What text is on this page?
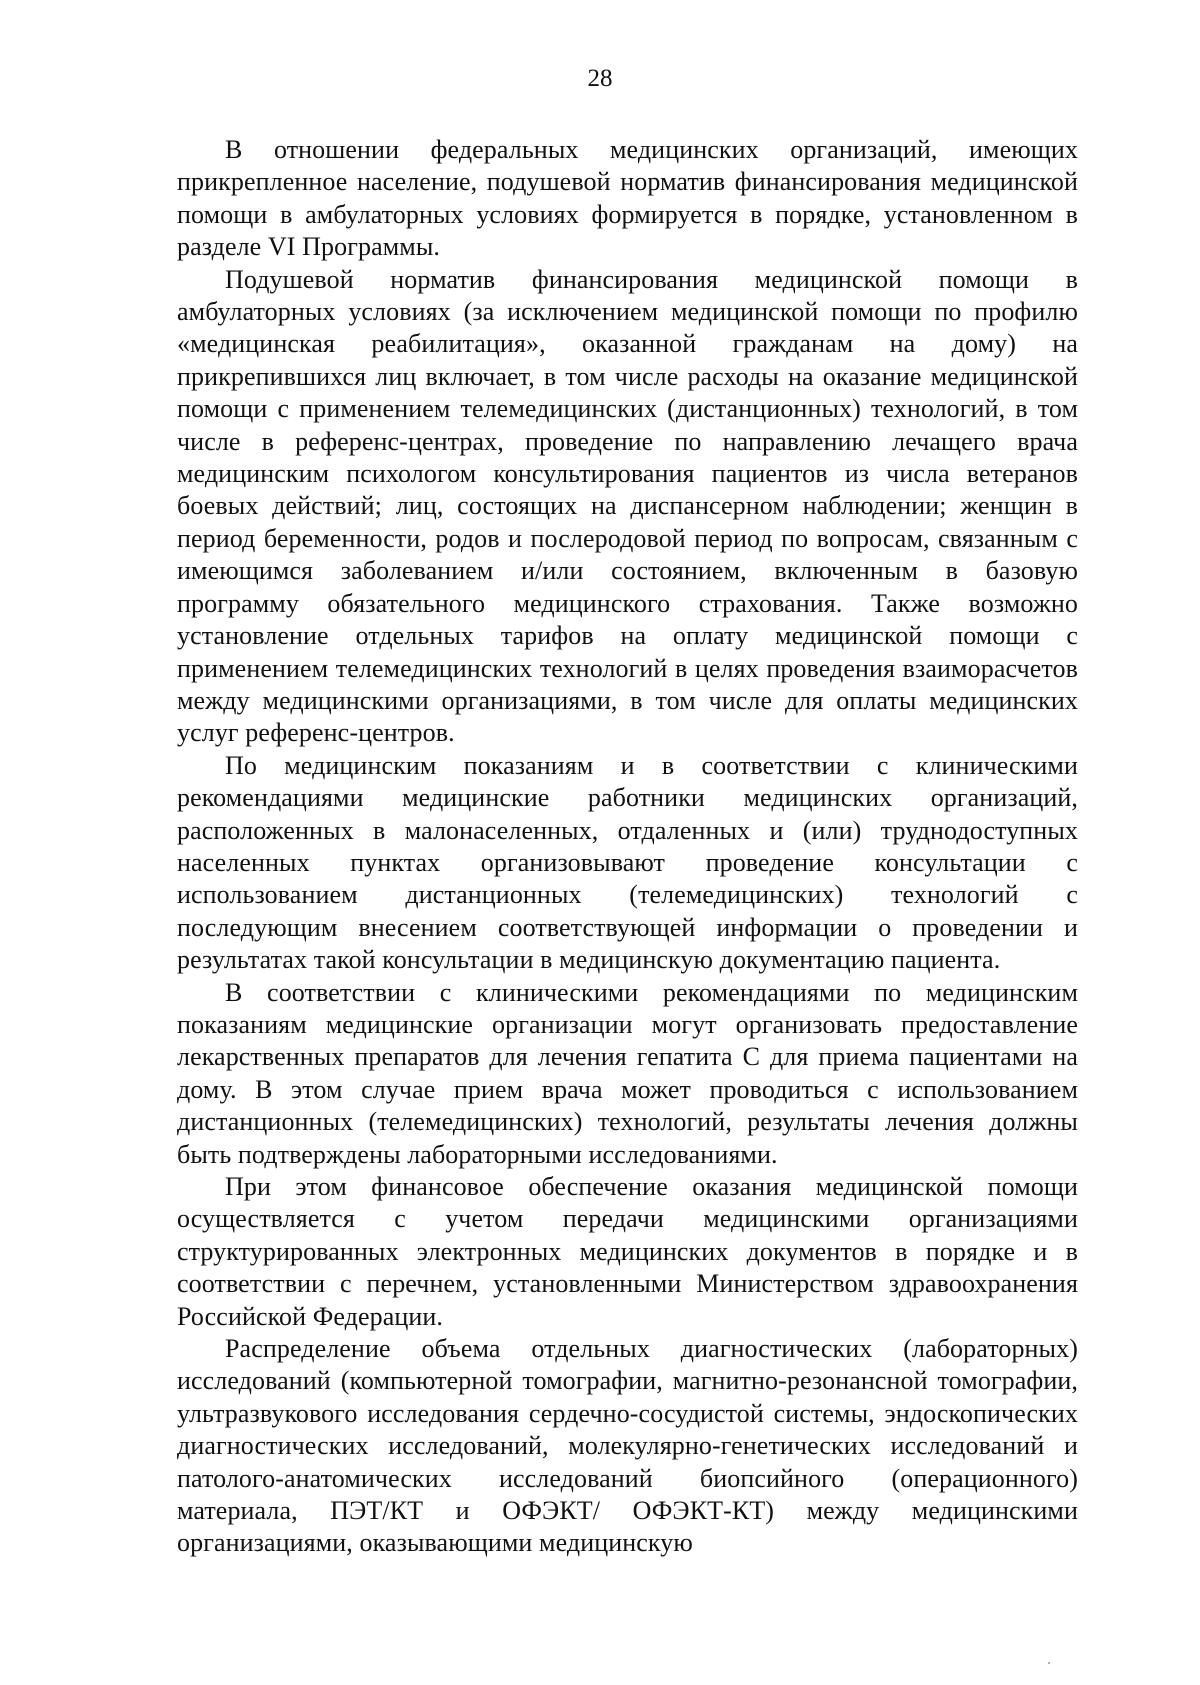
28

В отношении федеральных медицинских организаций, имеющих прикрепленное население, подушевой норматив финансирования медицинской помощи в амбулаторных условиях формируется в порядке, установленном в разделе VI Программы.

Подушевой норматив финансирования медицинской помощи в амбулаторных условиях (за исключением медицинской помощи по профилю «медицинская реабилитация», оказанной гражданам на дому) на прикрепившихся лиц включает, в том числе расходы на оказание медицинской помощи с применением телемедицинских (дистанционных) технологий, в том числе в референс-центрах, проведение по направлению лечащего врача медицинским психологом консультирования пациентов из числа ветеранов боевых действий; лиц, состоящих на диспансерном наблюдении; женщин в период беременности, родов и послеродовой период по вопросам, связанным с имеющимся заболеванием и/или состоянием, включенным в базовую программу обязательного медицинского страхования. Также возможно установление отдельных тарифов на оплату медицинской помощи с применением телемедицинских технологий в целях проведения взаиморасчетов между медицинскими организациями, в том числе для оплаты медицинских услуг референс-центров.

По медицинским показаниям и в соответствии с клиническими рекомендациями медицинские работники медицинских организаций, расположенных в малонаселенных, отдаленных и (или) труднодоступных населенных пунктах организовывают проведение консультации с использованием дистанционных (телемедицинских) технологий с последующим внесением соответствующей информации о проведении и результатах такой консультации в медицинскую документацию пациента.

В соответствии с клиническими рекомендациями по медицинским показаниям медицинские организации могут организовать предоставление лекарственных препаратов для лечения гепатита С для приема пациентами на дому. В этом случае прием врача может проводиться с использованием дистанционных (телемедицинских) технологий, результаты лечения должны быть подтверждены лабораторными исследованиями.

При этом финансовое обеспечение оказания медицинской помощи осуществляется с учетом передачи медицинскими организациями структурированных электронных медицинских документов в порядке и в соответствии с перечнем, установленными Министерством здравоохранения Российской Федерации.

Распределение объема отдельных диагностических (лабораторных) исследований (компьютерной томографии, магнитно-резонансной томографии, ультразвукового исследования сердечно-сосудистой системы, эндоскопических диагностических исследований, молекулярно-генетических исследований и патолого-анатомических исследований биопсийного (операционного) материала, ПЭТ/КТ и ОФЭКТ/ ОФЭКТ-КТ) между медицинскими организациями, оказывающими медицинскую
